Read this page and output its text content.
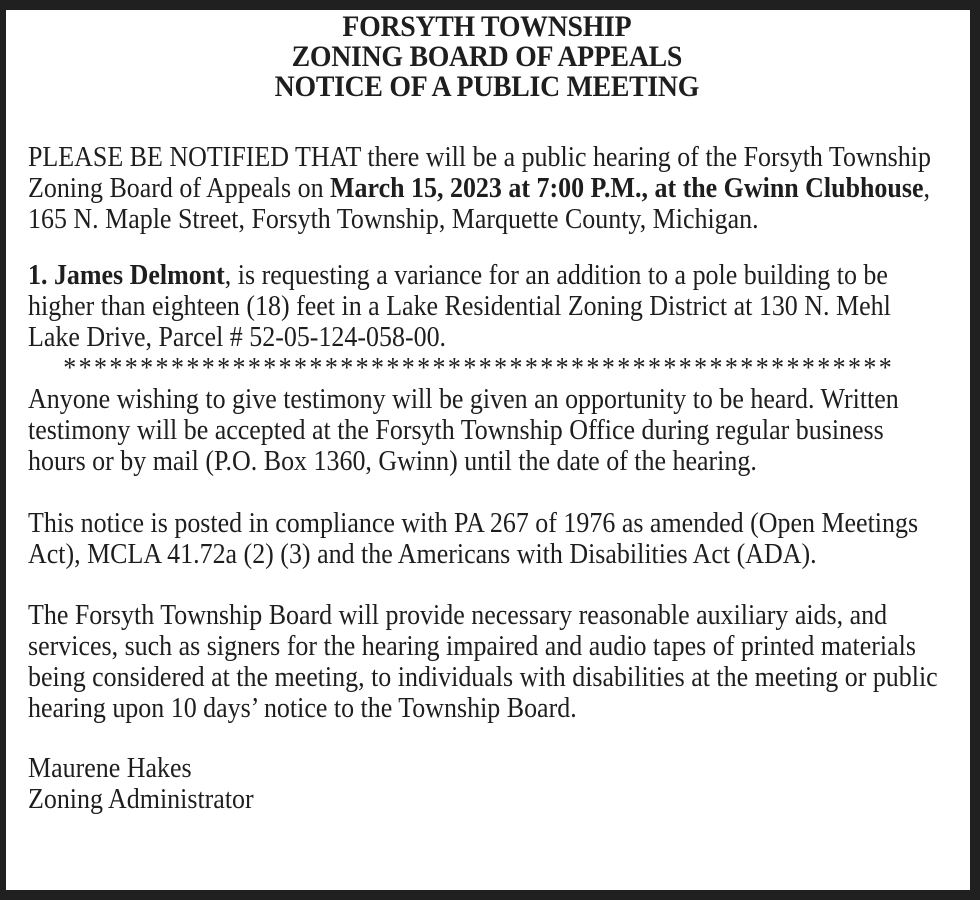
FORSYTH TOWNSHIP
ZONING BOARD OF APPEALS
NOTICE OF A PUBLIC MEETING

PLEASE BE NOTIFIED THAT there will be a public hearing of the Forsyth Township Zoning Board of Appeals on March 15, 2023 at 7:00 P.M., at the Gwinn Clubhouse, 165 N. Maple Street, Forsyth Township, Marquette County, Michigan.

1. James Delmont, is requesting a variance for an addition to a pole building to be higher than eighteen (18) feet in a Lake Residential Zoning District at 130 N. Mehl Lake Drive, Parcel # 52-05-124-058-00.

******************************************************

Anyone wishing to give testimony will be given an opportunity to be heard. Written testimony will be accepted at the Forsyth Township Office during regular business hours or by mail (P.O. Box 1360, Gwinn) until the date of the hearing.

This notice is posted in compliance with PA 267 of 1976 as amended (Open Meetings Act), MCLA 41.72a (2) (3) and the Americans with Disabilities Act (ADA).

The Forsyth Township Board will provide necessary reasonable auxiliary aids, and services, such as signers for the hearing impaired and audio tapes of printed materials being considered at the meeting, to individuals with disabilities at the meeting or public hearing upon 10 days’ notice to the Township Board.

Maurene Hakes
Zoning Administrator
